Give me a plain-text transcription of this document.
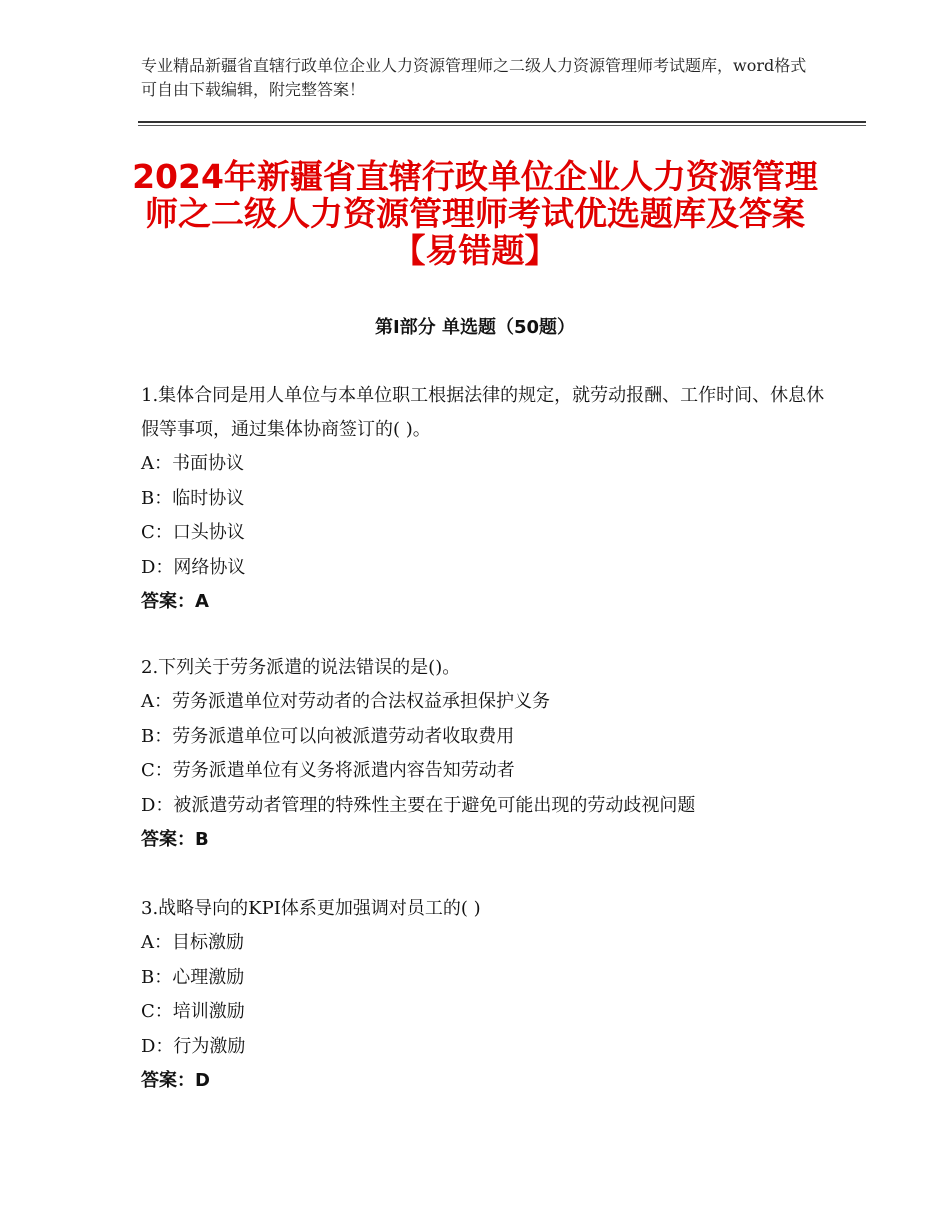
专业精品新疆省直辖行政单位企业人力资源管理师之二级人力资源管理师考试题库，word格式可自由下载编辑，附完整答案！
2024年新疆省直辖行政单位企业人力资源管理师之二级人力资源管理师考试优选题库及答案【易错题】
第Ⅰ部分 单选题（50题）

1.集体合同是用人单位与本单位职工根据法律的规定，就劳动报酬、工作时间、休息休假等事项，通过集体协商签订的( )。

A：书面协议

B：临时协议

C：口头协议

D：网络协议

答案：A

2.下列关于劳务派遣的说法错误的是()。

A：劳务派遣单位对劳动者的合法权益承担保护义务

B：劳务派遣单位可以向被派遣劳动者收取费用

C：劳务派遣单位有义务将派遣内容告知劳动者

D：被派遣劳动者管理的特殊性主要在于避免可能出现的劳动歧视问题

答案：B

3.战略导向的KPI体系更加强调对员工的( )

A：目标激励

B：心理激励

C：培训激励

D：行为激励

答案：D
